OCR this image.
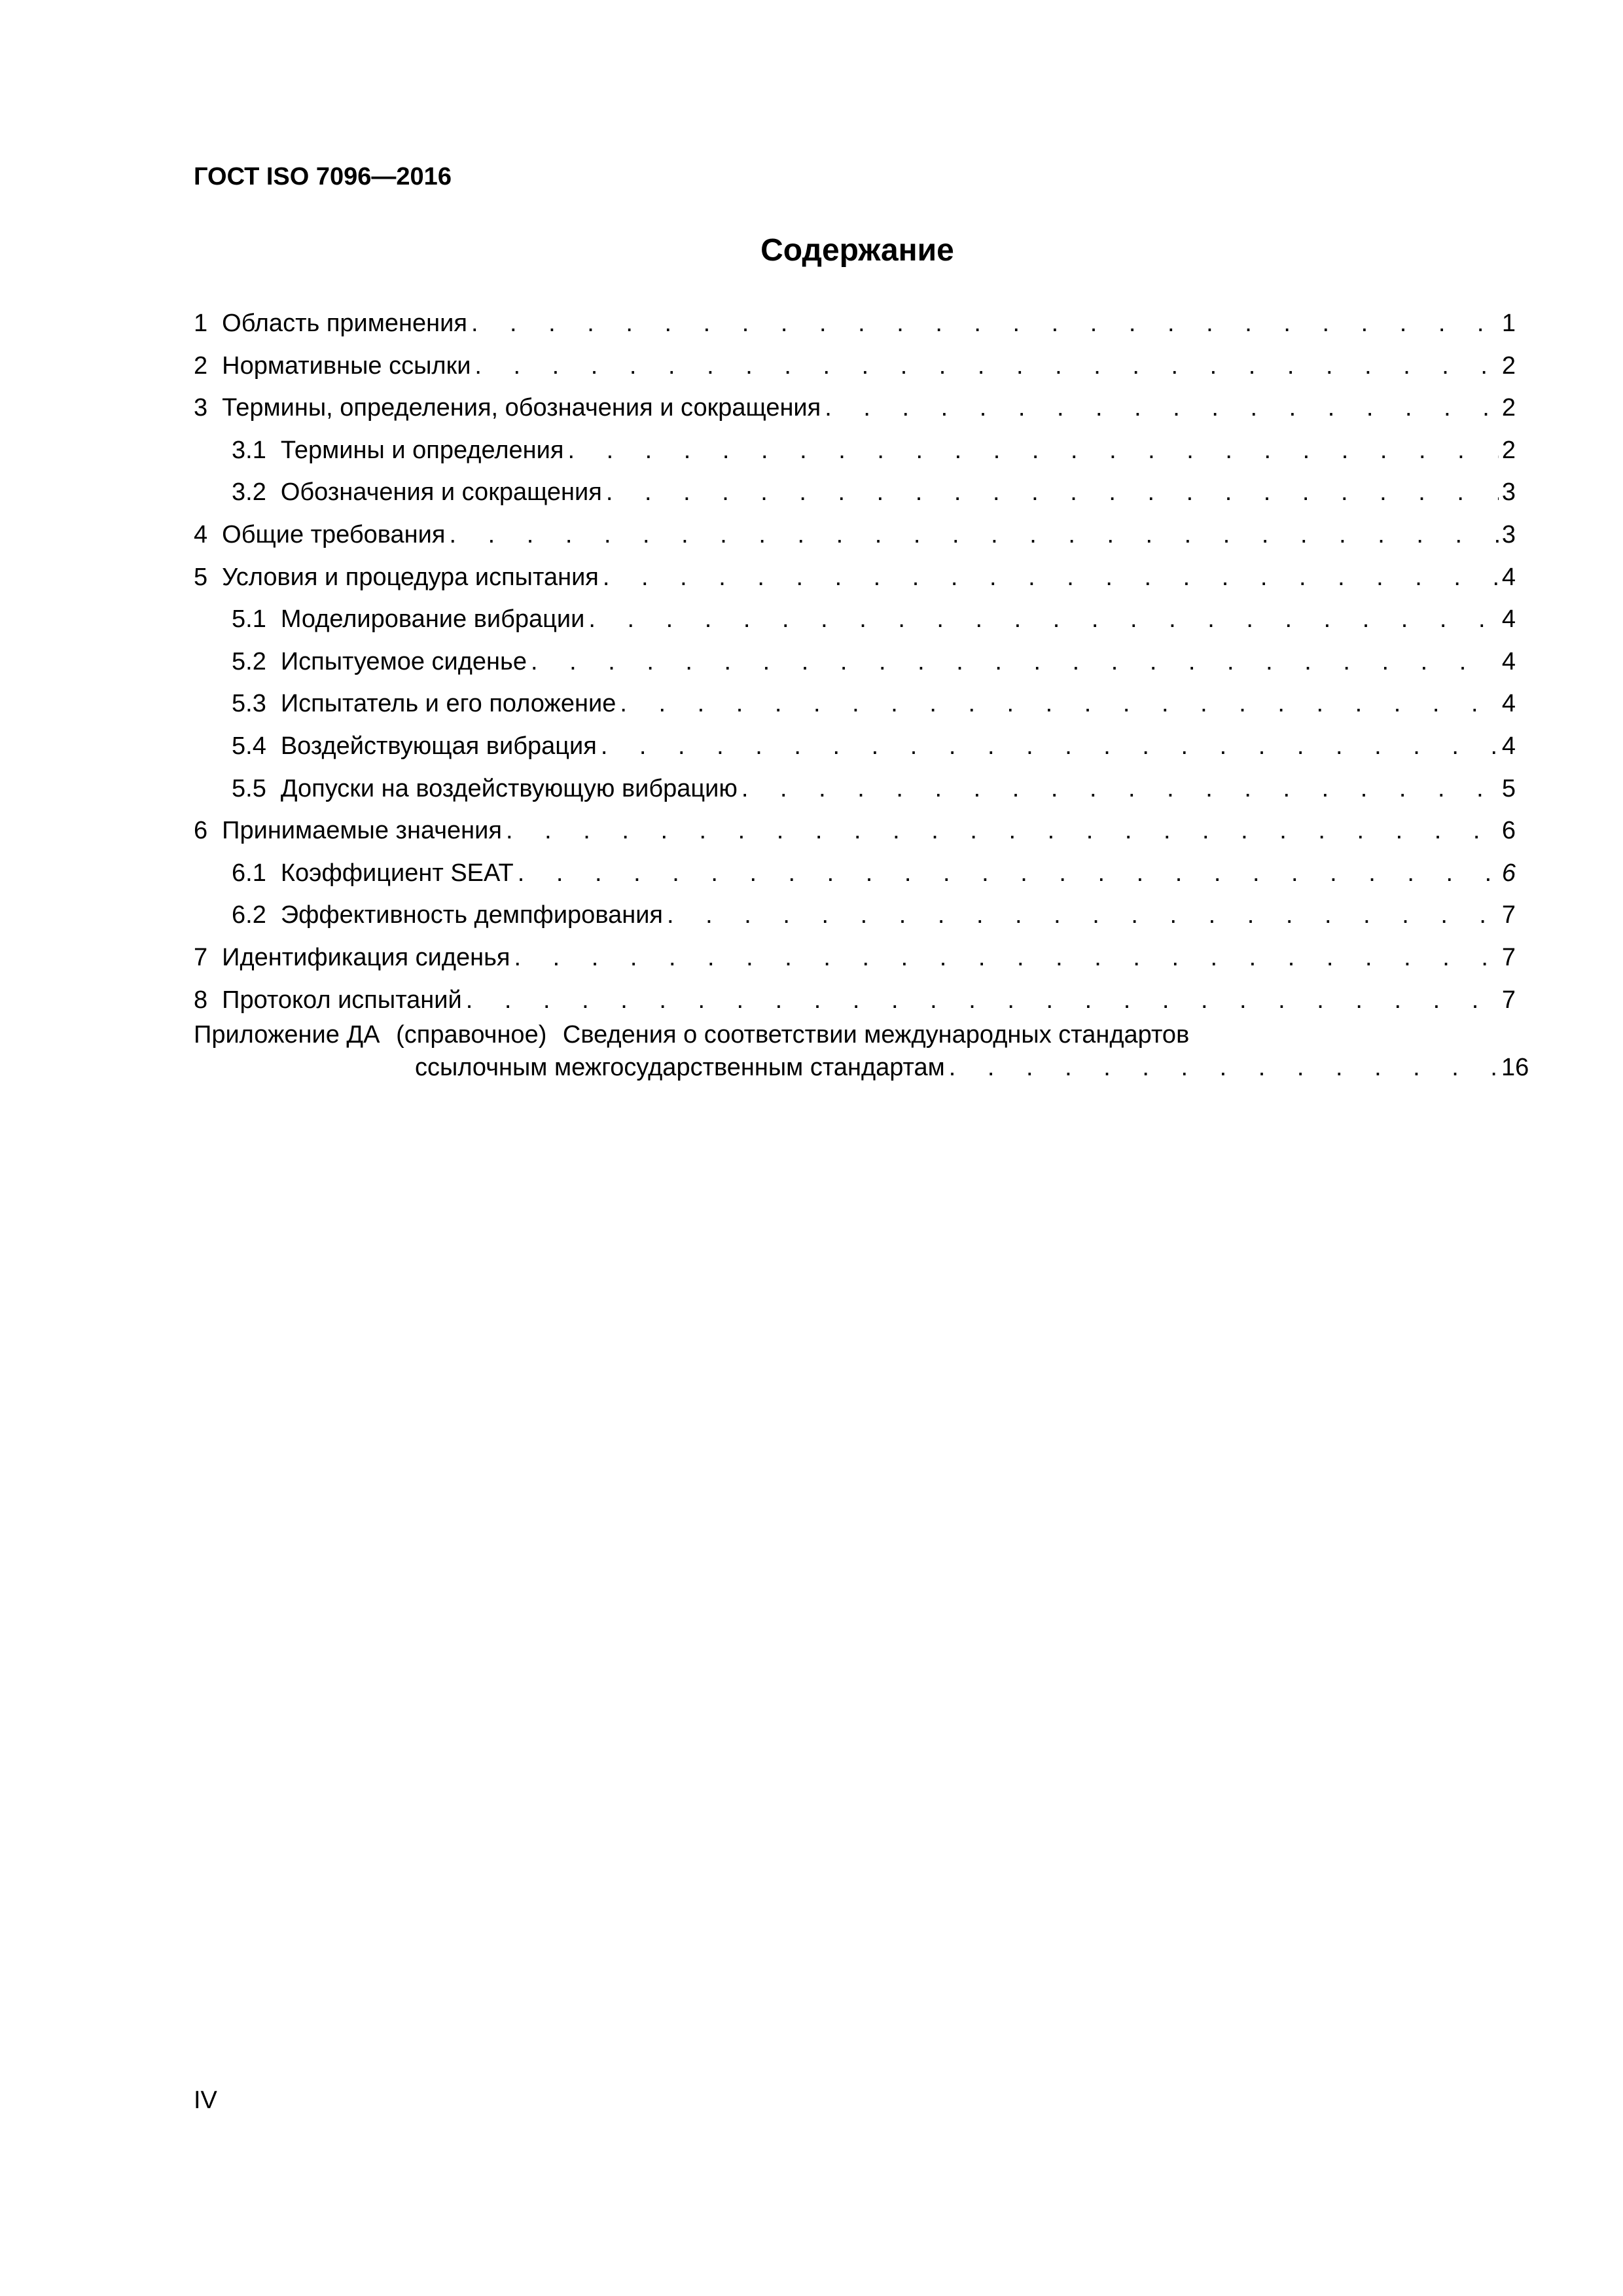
ГОСТ ISO 7096—2016
Содержание
1 Область применения . . .	1
2 Нормативные ссылки . . .	2
3 Термины, определения, обозначения и сокращения . . .	2
3.1 Термины и определения . . .	2
3.2 Обозначения и сокращения . . .	3
4 Общие требования . . .	3
5 Условия и процедура испытания . . .	4
5.1 Моделирование вибрации . . .	4
5.2 Испытуемое сиденье . . .	4
5.3 Испытатель и его положение . . .	4
5.4 Воздействующая вибрация . . .	4
5.5 Допуски на воздействующую вибрацию . . .	5
6 Принимаемые значения . . .	6
6.1 Коэффициент SEAT . . .	6
6.2 Эффективность демпфирования . . .	7
7 Идентификация сиденья . . .	7
8 Протокол испытаний . . .	7
Приложение ДА (справочное) Сведения о соответствии международных стандартов
ссылочным межгосударственным стандартам . . .	16
IV
